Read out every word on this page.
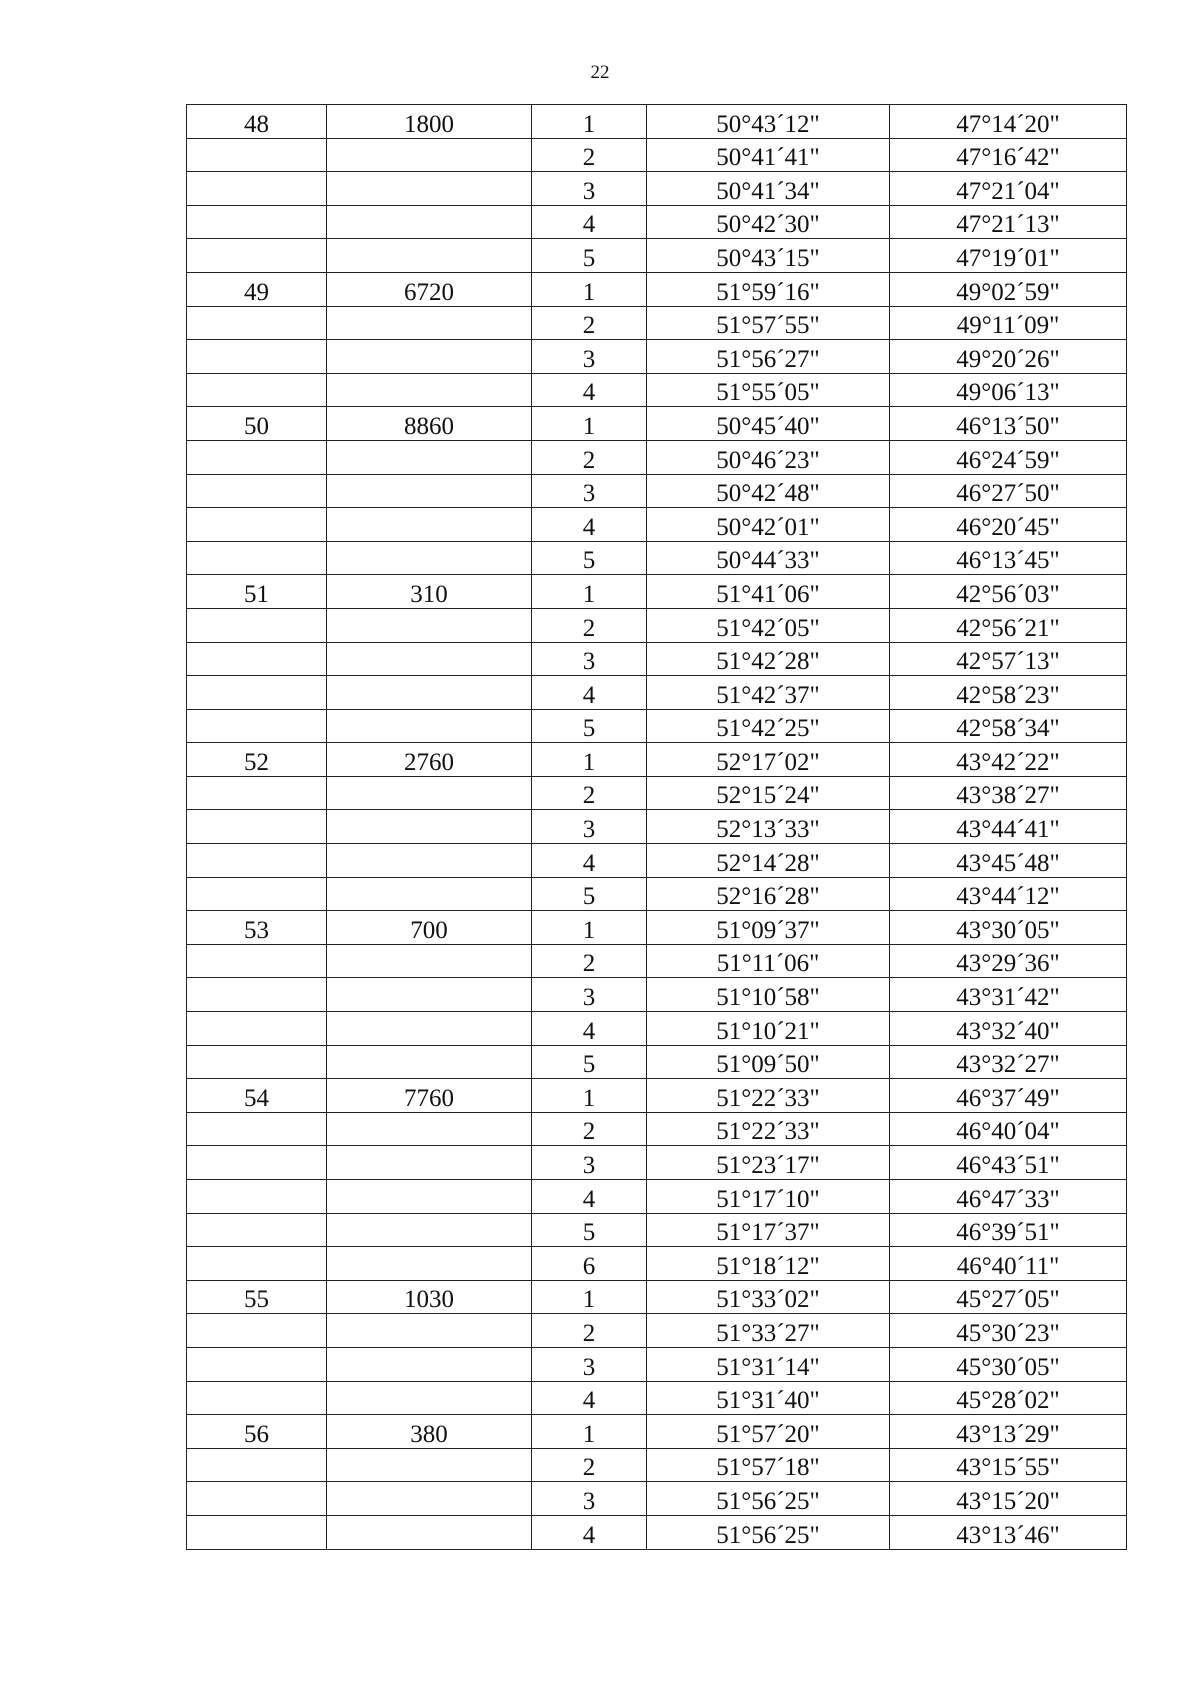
22
48	1800	1	50°43´12"	47°14´20"
		2	50°41´41"	47°16´42"
		3	50°41´34"	47°21´04"
		4	50°42´30"	47°21´13"
		5	50°43´15"	47°19´01"
49	6720	1	51°59´16"	49°02´59"
		2	51°57´55"	49°11´09"
		3	51°56´27"	49°20´26"
		4	51°55´05"	49°06´13"
50	8860	1	50°45´40"	46°13´50"
		2	50°46´23"	46°24´59"
		3	50°42´48"	46°27´50"
		4	50°42´01"	46°20´45"
		5	50°44´33"	46°13´45"
51	310	1	51°41´06"	42°56´03"
		2	51°42´05"	42°56´21"
		3	51°42´28"	42°57´13"
		4	51°42´37"	42°58´23"
		5	51°42´25"	42°58´34"
52	2760	1	52°17´02"	43°42´22"
		2	52°15´24"	43°38´27"
		3	52°13´33"	43°44´41"
		4	52°14´28"	43°45´48"
		5	52°16´28"	43°44´12"
53	700	1	51°09´37"	43°30´05"
		2	51°11´06"	43°29´36"
		3	51°10´58"	43°31´42"
		4	51°10´21"	43°32´40"
		5	51°09´50"	43°32´27"
54	7760	1	51°22´33"	46°37´49"
		2	51°22´33"	46°40´04"
		3	51°23´17"	46°43´51"
		4	51°17´10"	46°47´33"
		5	51°17´37"	46°39´51"
		6	51°18´12"	46°40´11"
55	1030	1	51°33´02"	45°27´05"
		2	51°33´27"	45°30´23"
		3	51°31´14"	45°30´05"
		4	51°31´40"	45°28´02"
56	380	1	51°57´20"	43°13´29"
		2	51°57´18"	43°15´55"
		3	51°56´25"	43°15´20"
		4	51°56´25"	43°13´46"
